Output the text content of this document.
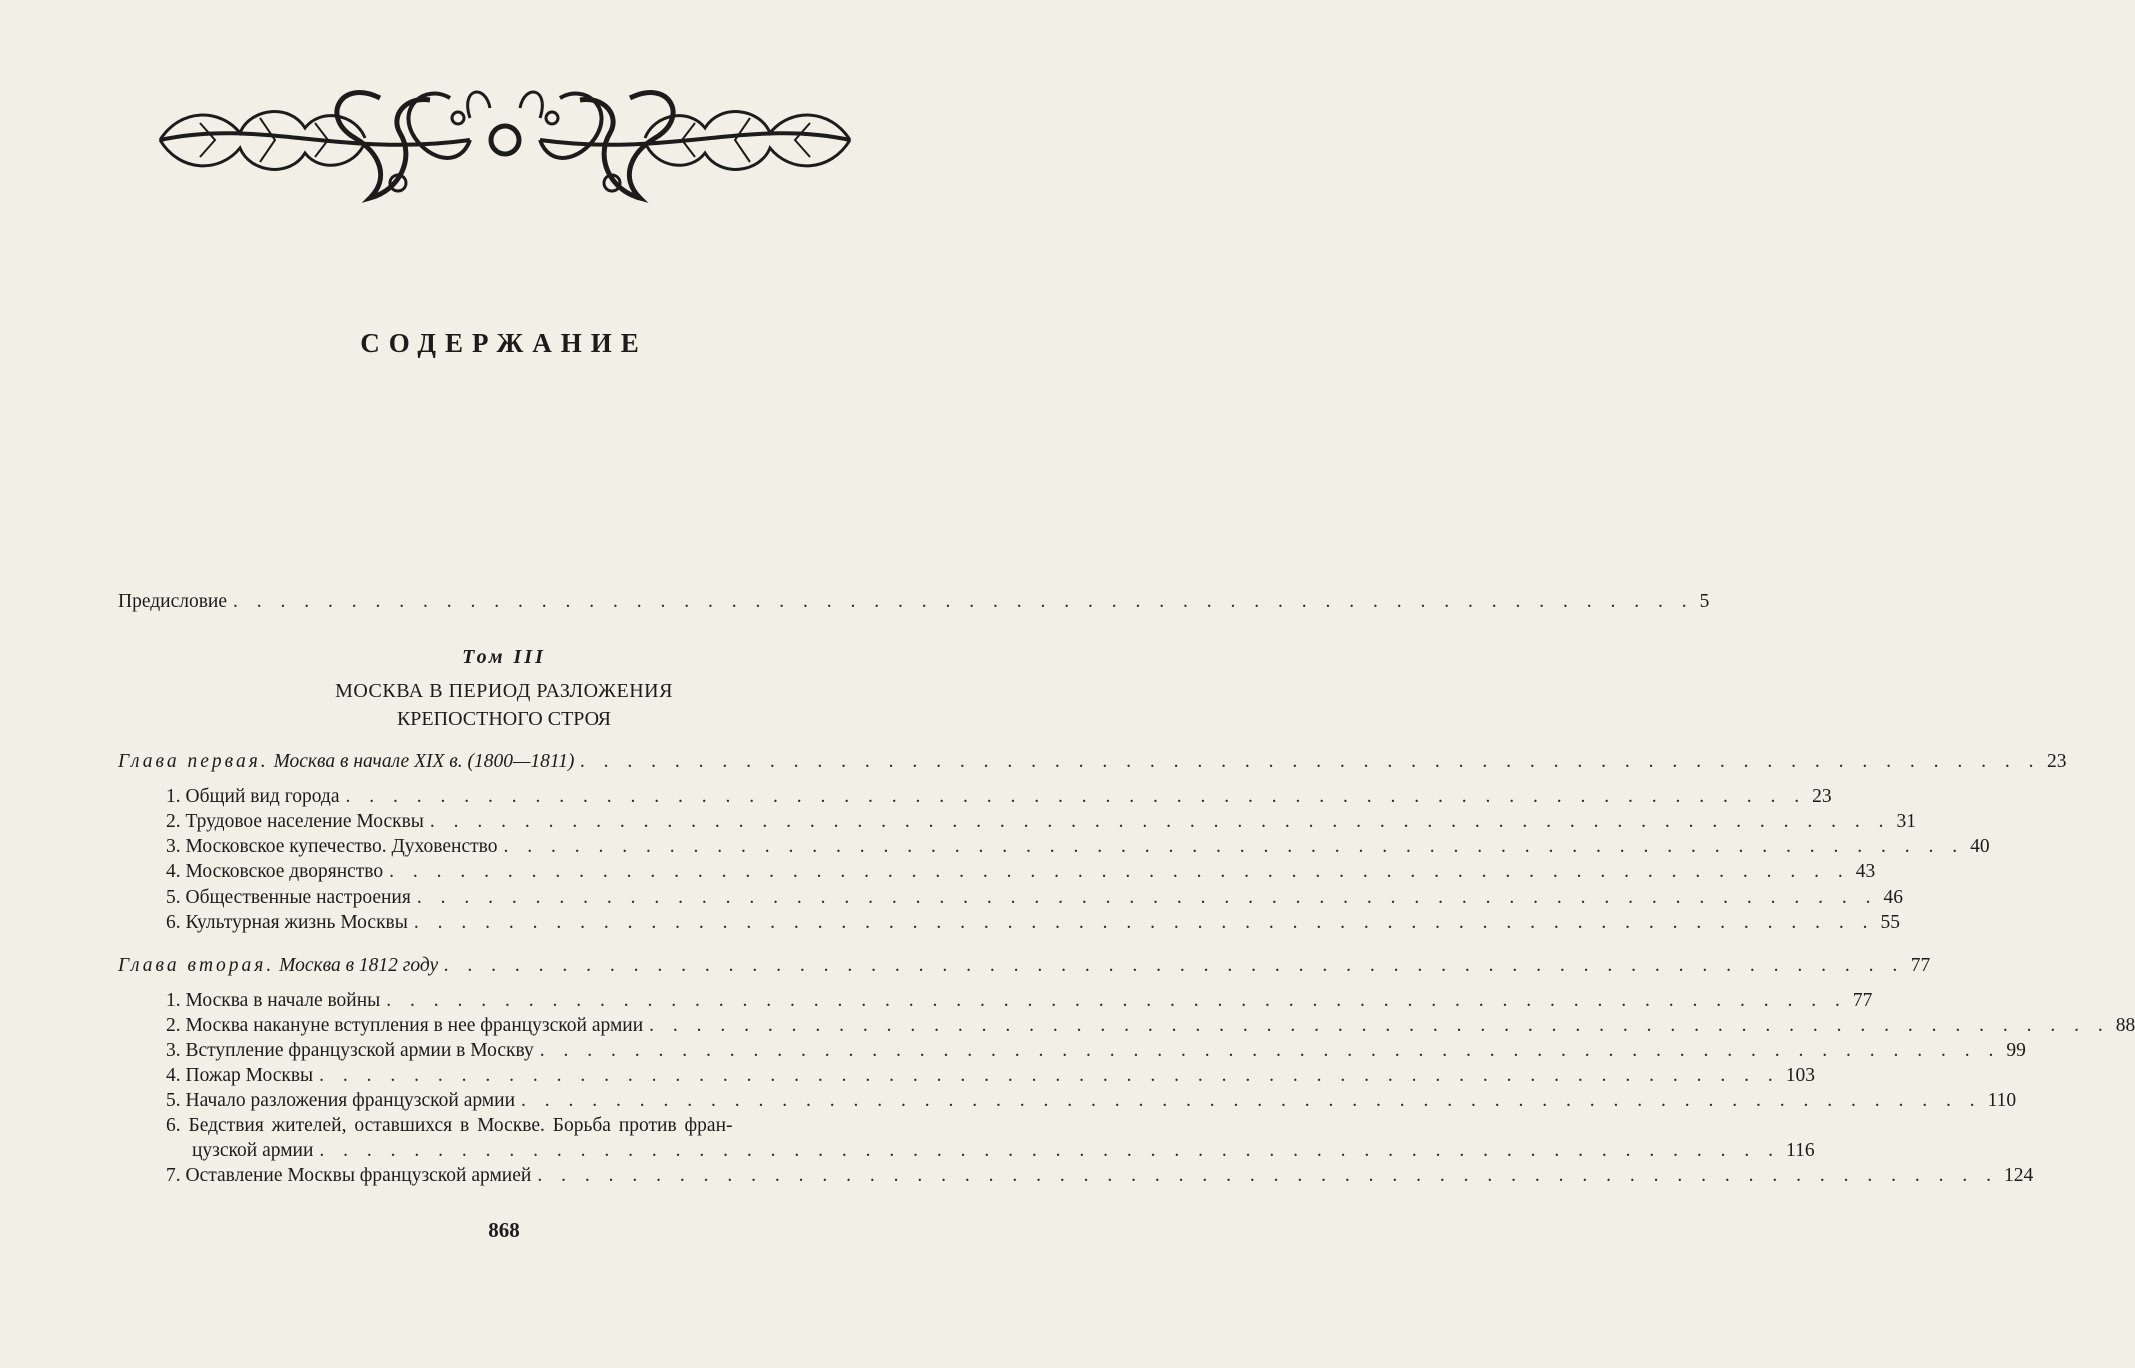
СОДЕРЖАНИЕ
Предисловие . . . . . . . . . . . . . . . . . . . . . . . . . . . . . . . . . . . . . . . . . . . . . . . . . . . . . . . . . . . . . . 5
Том III
МОСКВА В ПЕРИОД РАЗЛОЖЕНИЯ
КРЕПОСТНОГО СТРОЯ
Глава первая. Москва в начале XIX в. (1800—1811) . . . . . . . . . . . . . . . . . . . . . . . . . . . . . . . . . . . . . . . . . . . . . . . . . . . . . . . . . . . . . . 23
1. Общий вид города . . . . . . . . . . . . . . . . . . . . . . . . . . . . . . . . . . . . . . . . . . . . . . . . . . . . . . . . . . . . . . 23
2. Трудовое население Москвы . . . . . . . . . . . . . . . . . . . . . . . . . . . . . . . . . . . . . . . . . . . . . . . . . . . . . . . . . . . . . . 31
3. Московское купечество. Духовенство . . . . . . . . . . . . . . . . . . . . . . . . . . . . . . . . . . . . . . . . . . . . . . . . . . . . . . . . . . . . . . 40
4. Московское дворянство . . . . . . . . . . . . . . . . . . . . . . . . . . . . . . . . . . . . . . . . . . . . . . . . . . . . . . . . . . . . . . 43
5. Общественные настроения . . . . . . . . . . . . . . . . . . . . . . . . . . . . . . . . . . . . . . . . . . . . . . . . . . . . . . . . . . . . . . 46
6. Культурная жизнь Москвы . . . . . . . . . . . . . . . . . . . . . . . . . . . . . . . . . . . . . . . . . . . . . . . . . . . . . . . . . . . . . . 55
Глава вторая. Москва в 1812 году . . . . . . . . . . . . . . . . . . . . . . . . . . . . . . . . . . . . . . . . . . . . . . . . . . . . . . . . . . . . . . 77
1. Москва в начале войны . . . . . . . . . . . . . . . . . . . . . . . . . . . . . . . . . . . . . . . . . . . . . . . . . . . . . . . . . . . . . . 77
2. Москва накануне вступления в нее французской армии . . . . . . . . . . . . . . . . . . . . . . . . . . . . . . . . . . . . . . . . . . . . . . . . . . . . . . . . . . . . . . 88
3. Вступление французской армии в Москву . . . . . . . . . . . . . . . . . . . . . . . . . . . . . . . . . . . . . . . . . . . . . . . . . . . . . . . . . . . . . . 99
4. Пожар Москвы . . . . . . . . . . . . . . . . . . . . . . . . . . . . . . . . . . . . . . . . . . . . . . . . . . . . . . . . . . . . . . 103
5. Начало разложения французской армии . . . . . . . . . . . . . . . . . . . . . . . . . . . . . . . . . . . . . . . . . . . . . . . . . . . . . . . . . . . . . . 110
6. Бедствия жителей, оставшихся в Москве. Борьба против фран-
цузской армии . . . . . . . . . . . . . . . . . . . . . . . . . . . . . . . . . . . . . . . . . . . . . . . . . . . . . . . . . . . . . . 116
7. Оставление Москвы французской армией . . . . . . . . . . . . . . . . . . . . . . . . . . . . . . . . . . . . . . . . . . . . . . . . . . . . . . . . . . . . . . 124
868
